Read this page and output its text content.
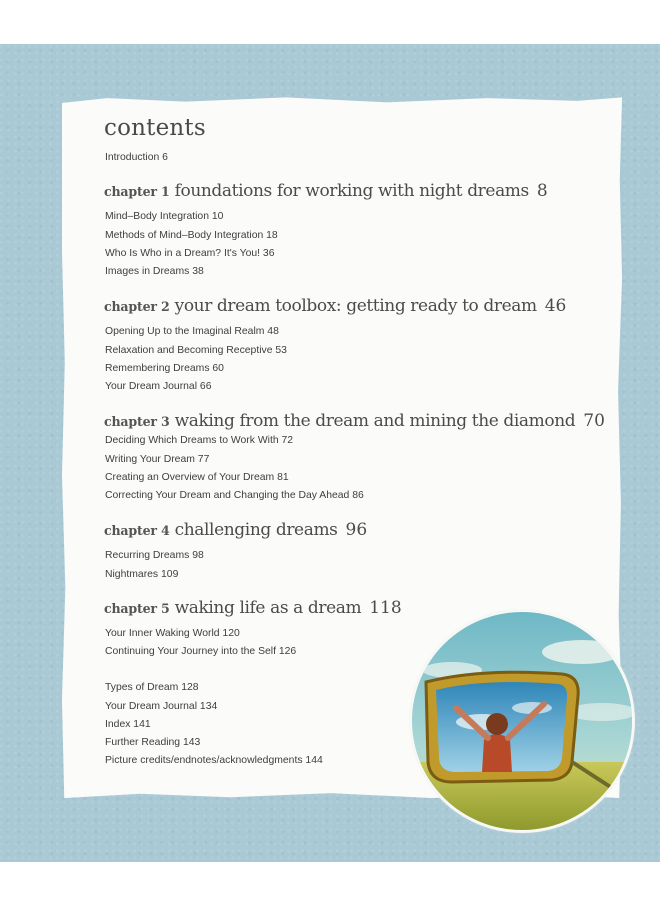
contents
Introduction 6
chapter 1 foundations for working with night dreams 8
Mind–Body Integration 10
Methods of Mind–Body Integration 18
Who Is Who in a Dream? It's You! 36
Images in Dreams 38
chapter 2 your dream toolbox: getting ready to dream 46
Opening Up to the Imaginal Realm 48
Relaxation and Becoming Receptive 53
Remembering Dreams 60
Your Dream Journal 66
chapter 3 waking from the dream and mining the diamond 70
Deciding Which Dreams to Work With 72
Writing Your Dream 77
Creating an Overview of Your Dream 81
Correcting Your Dream and Changing the Day Ahead 86
chapter 4 challenging dreams 96
Recurring Dreams 98
Nightmares 109
chapter 5 waking life as a dream 118
Your Inner Waking World 120
Continuing Your Journey into the Self 126
Types of Dream 128
Your Dream Journal 134
Index 141
Further Reading 143
Picture credits/endnotes/acknowledgments 144
